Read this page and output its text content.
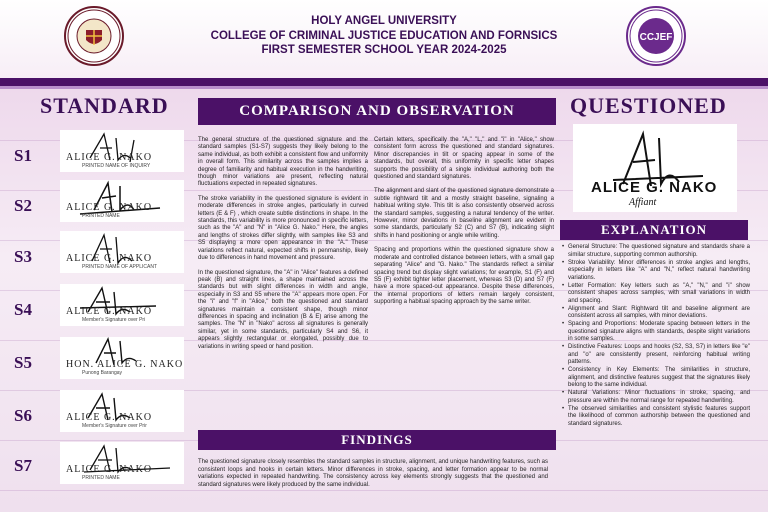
HOLY ANGEL UNIVERSITY
COLLEGE OF CRIMINAL JUSTICE EDUCATION AND FORNSICS
FIRST SEMESTER SCHOOL YEAR 2024-2025
CCJEF
STANDARD
S1	ALICE G. NAKO
PRINTED NAME OF INQUIRY
S2	ALICE G. NAKO
PRINTED NAME
S3	ALICE G. NAKO
PRINTED NAME OF APPLICANT
S4	ALICE G. NAKO
Member's Signature over Pri
S5	HON. ALICE G. NAKO
Punong Barangay
S6	ALICE G. NAKO
Member's Signature over Prir
S7	ALICE G. NAKO
PRINTED NAME
COMPARISON AND OBSERVATION

The general structure of the questioned signature and the standard samples (S1-S7) suggests they likely belong to the same individual, as both exhibit a consistent flow and uniformity in overall form. This similarity across the samples implies a degree of familiarity and habitual execution in the handwriting, though minor variations are present, reflecting natural fluctuations expected in repeated signatures.

The stroke variability in the questioned signature is evident in moderate differences in stroke angles, particularly in curved letters (E & F) , which create subtle distinctions in shape. In the standards, this variability is more pronounced in specific letters, such as the "A" and "N" in "Alice G. Nako." Here, the angles and lengths of strokes differ slightly, with samples like S3 and S5 displaying a more open appearance in the "A." These variations reflect natural, expected shifts in penmanship, likely due to differences in hand movement and pressure.

In the questioned signature, the "A" in "Alice" features a defined peak (B) and straight lines, a shape maintained across the standards but with slight differences in width and angle, especially in S3 and S5 where the "A" appears more open. For the "i" and "f" in "Alice," both the questioned and standard signatures maintain a consistent shape, though minor differences in spacing and inclination (B & E) arise among the samples. The "N" in "Nako" across all signatures is generally similar, yet in some standards, particularly S4 and S6, it appears slightly rectangular or elongated, possibly due to variations in writing speed or hand position.

Certain letters, specifically the "A," "L," and "i" in "Alice," show consistent form across the questioned and standard signatures. Minor discrepancies in tilt or spacing appear in some of the standards, but overall, this uniformity in specific letter shapes supports the possibility of a single individual authoring both the questioned and standard signatures.

The alignment and slant of the questioned signature demonstrate a subtle rightward tilt and a mostly straight baseline, signaling a habitual writing style. This tilt is also consistently observed across the standard samples, suggesting a natural tendency of the writer. However, minor deviations in baseline alignment are evident in some standards, particularly S2 (C) and S7 (B), indicating slight shifts in hand positioning or angle while writing.

Spacing and proportions within the questioned signature show a moderate and controlled distance between letters, with a small gap separating "Alice" and "G. Nako." The standards reflect a similar spacing trend but display slight variations; for example, S1 (F) and S5 (F) exhibit tighter letter placement, whereas S3 (D) and S7 (F) have a more spaced-out appearance. Despite these differences, the internal proportions of letters remain largely consistent, supporting a habitual spacing approach by the same writer.

FINDINGS
The questioned signature closely resembles the standard samples in structure, alignment, and unique handwriting features, such as consistent loops and hooks in certain letters. Minor differences in stroke, spacing, and letter formation appear to be normal variations expected in repeated handwriting. The consistency across key elements strongly suggests that the questioned and standard signatures were likely produced by the same individual.
QUESTIONED
ALICE G. NAKO
Affiant
EXPLANATION
• General Structure: The questioned signature and standards share a similar structure, supporting common authorship.
• Stroke Variability: Minor differences in stroke angles and lengths, especially in letters like "A" and "N," reflect natural handwriting variations.
• Letter Formation: Key letters such as "A," "N," and "i" show consistent shapes across samples, with small variations in width and spacing.
• Alignment and Slant: Rightward tilt and baseline alignment are consistent across all samples, with minor deviations.
• Spacing and Proportions: Moderate spacing between letters in the questioned signature aligns with standards, despite slight variations in some samples.
• Distinctive Features: Loops and hooks (S2, S3, S7) in letters like "e" and "o" are consistently present, reinforcing habitual writing patterns.
• Consistency in Key Elements: The similarities in structure, alignment, and distinctive features suggest that the signatures likely belong to the same individual.
• Natural Variations: Minor fluctuations in stroke, spacing, and pressure are within the normal range for repeated handwriting.
• The observed similarities and consistent stylistic features support the likelihood of common authorship between the questioned and standard signatures.
